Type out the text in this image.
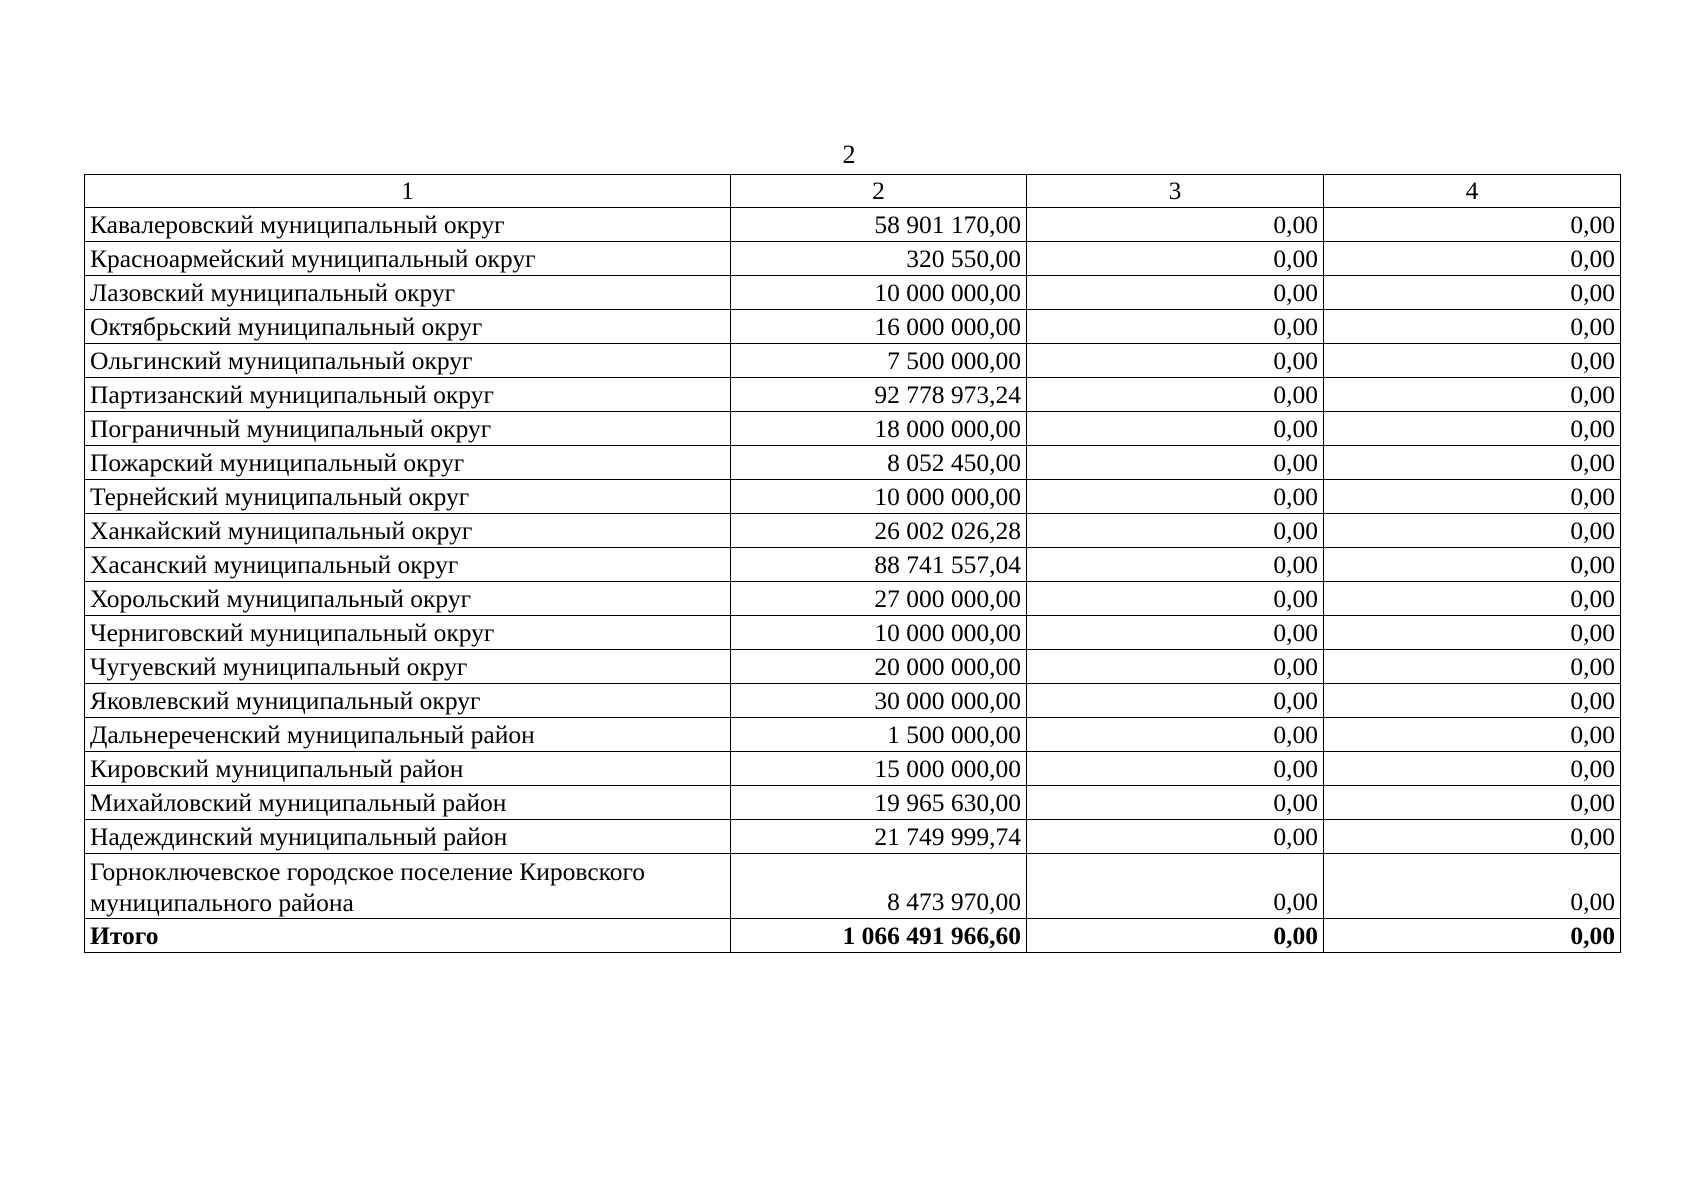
2
1	2	3	4
Кавалеровский муниципальный округ	58 901 170,00	0,00	0,00
Красноармейский муниципальный округ	320 550,00	0,00	0,00
Лазовский муниципальный округ	10 000 000,00	0,00	0,00
Октябрьский муниципальный округ	16 000 000,00	0,00	0,00
Ольгинский муниципальный округ	7 500 000,00	0,00	0,00
Партизанский муниципальный округ	92 778 973,24	0,00	0,00
Пограничный муниципальный округ	18 000 000,00	0,00	0,00
Пожарский муниципальный округ	8 052 450,00	0,00	0,00
Тернейский муниципальный округ	10 000 000,00	0,00	0,00
Ханкайский муниципальный округ	26 002 026,28	0,00	0,00
Хасанский муниципальный округ	88 741 557,04	0,00	0,00
Хорольский муниципальный округ	27 000 000,00	0,00	0,00
Черниговский муниципальный округ	10 000 000,00	0,00	0,00
Чугуевский муниципальный округ	20 000 000,00	0,00	0,00
Яковлевский муниципальный округ	30 000 000,00	0,00	0,00
Дальнереченский муниципальный район	1 500 000,00	0,00	0,00
Кировский муниципальный район	15 000 000,00	0,00	0,00
Михайловский муниципальный район	19 965 630,00	0,00	0,00
Надеждинский муниципальный район	21 749 999,74	0,00	0,00
Горноключевское городское поселение Кировского муниципального района	8 473 970,00	0,00	0,00
Итого	1 066 491 966,60	0,00	0,00
